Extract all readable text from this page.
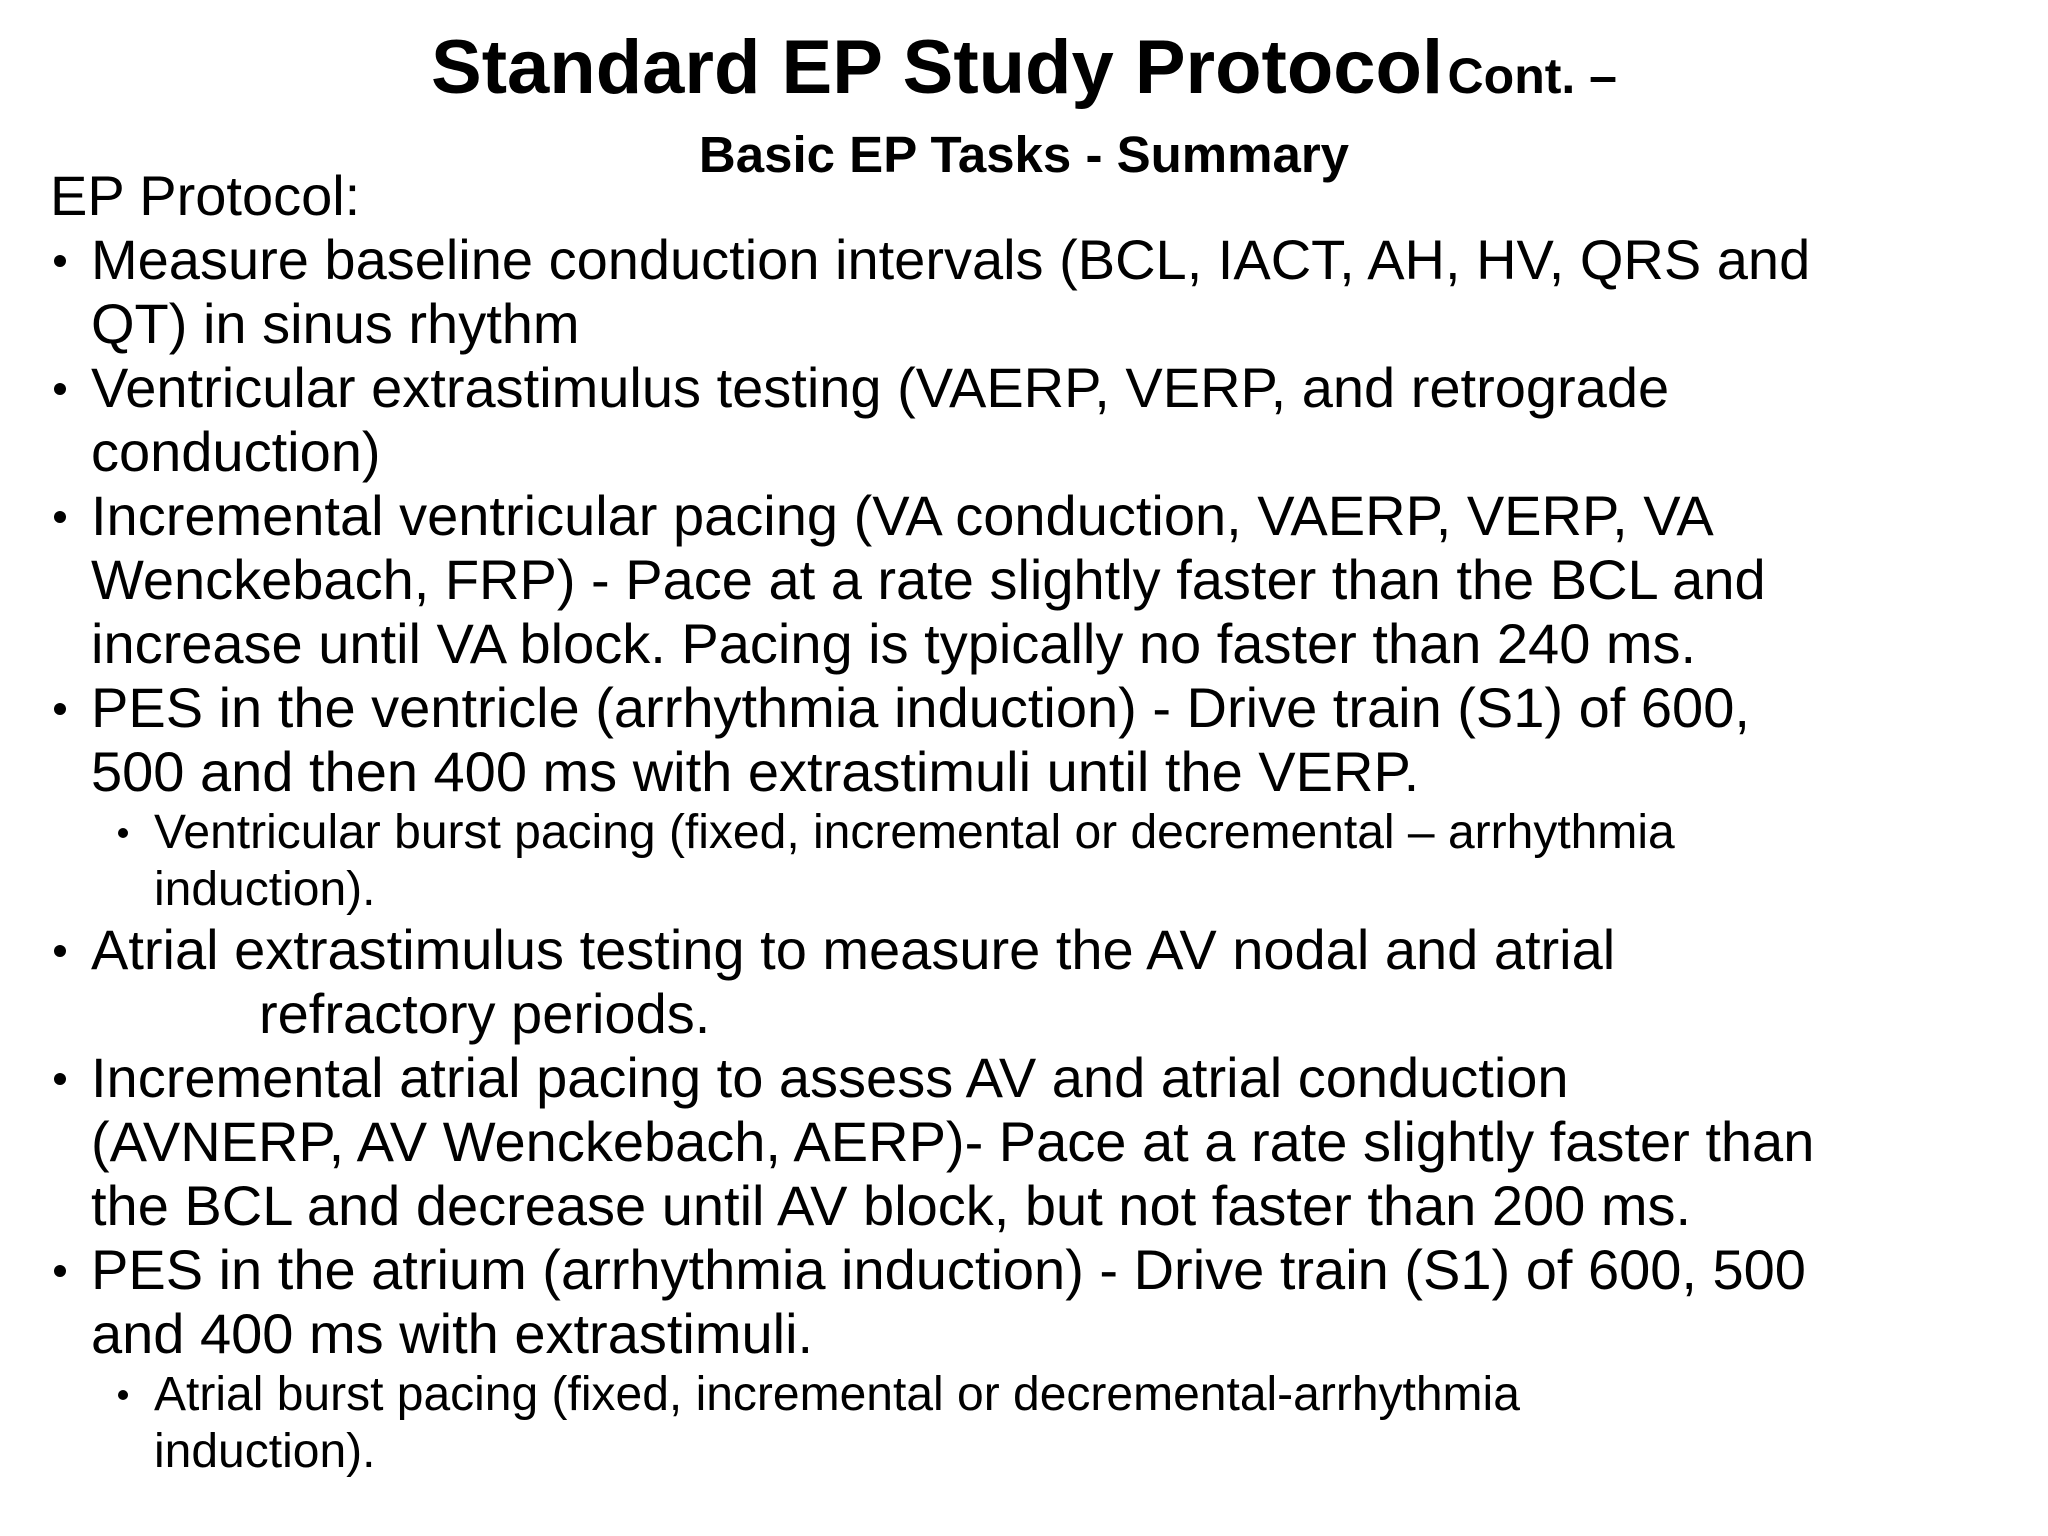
Standard EP Study Protocol Cont. –
Basic EP Tasks - Summary
EP Protocol:
Measure baseline conduction intervals (BCL, IACT, AH, HV, QRS and
QT) in sinus rhythm
Ventricular extrastimulus testing (VAERP, VERP, and retrograde
conduction)
Incremental ventricular pacing (VA conduction, VAERP, VERP, VA
Wenckebach, FRP) - Pace at a rate slightly faster than the BCL and
increase until VA block. Pacing is typically no faster than 240 ms.
PES in the ventricle (arrhythmia induction) - Drive train (S1) of 600,
500 and then 400 ms with extrastimuli until the VERP.
Ventricular burst pacing (fixed, incremental or decremental – arrhythmia
induction).
Atrial extrastimulus testing to measure the AV nodal and atrial
refractory periods.
Incremental atrial pacing to assess AV and atrial conduction
(AVNERP, AV Wenckebach, AERP)- Pace at a rate slightly faster than
the BCL and decrease until AV block, but not faster than 200 ms.
PES in the atrium (arrhythmia induction) - Drive train (S1) of 600, 500
and 400 ms with extrastimuli.
Atrial burst pacing (fixed, incremental or decremental-arrhythmia
induction).
